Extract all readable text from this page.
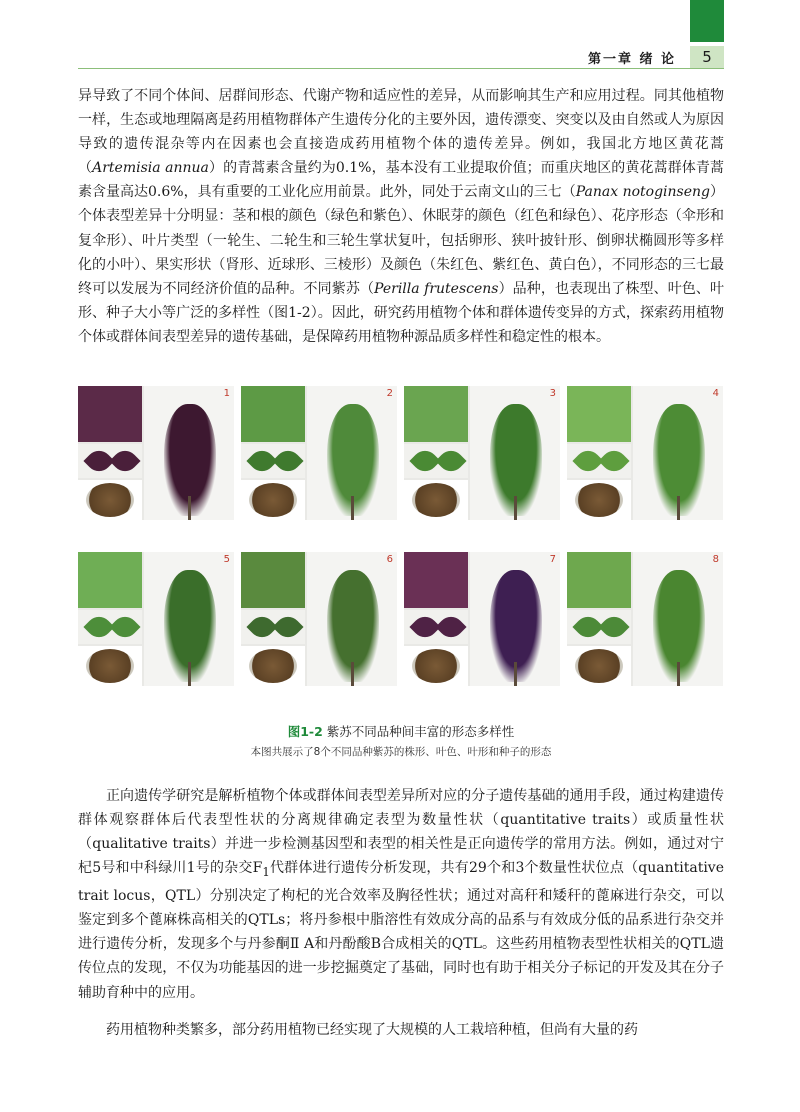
第一章 绪 论	5

异导致了不同个体间、居群间形态、代谢产物和适应性的差异，从而影响其生产和应用过程。同其他植物一样，生态或地理隔离是药用植物群体产生遗传分化的主要外因，遗传漂变、突变以及由自然或人为原因导致的遗传混杂等内在因素也会直接造成药用植物个体的遗传差异。例如，我国北方地区黄花蒿（Artemisia annua）的青蒿素含量约为0.1%，基本没有工业提取价值；而重庆地区的黄花蒿群体青蒿素含量高达0.6%，具有重要的工业化应用前景。此外，同处于云南文山的三七（Panax notoginseng）个体表型差异十分明显：茎和根的颜色（绿色和紫色）、休眠芽的颜色（红色和绿色）、花序形态（伞形和复伞形）、叶片类型（一轮生、二轮生和三轮生掌状复叶，包括卵形、狭叶披针形、倒卵状椭圆形等多样化的小叶）、果实形状（肾形、近球形、三棱形）及颜色（朱红色、紫红色、黄白色），不同形态的三七最终可以发展为不同经济价值的品种。不同紫苏（Perilla frutescens）品种，也表现出了株型、叶色、叶形、种子大小等广泛的多样性（图1-2）。因此，研究药用植物个体和群体遗传变异的方式，探索药用植物个体或群体间表型差异的遗传基础，是保障药用植物种源品质多样性和稳定性的根本。

1	2	3	4
5	6	7	8

图1-2 紫苏不同品种间丰富的形态多样性

本图共展示了8个不同品种紫苏的株形、叶色、叶形和种子的形态

正向遗传学研究是解析植物个体或群体间表型差异所对应的分子遗传基础的通用手段，通过构建遗传群体观察群体后代表型性状的分离规律确定表型为数量性状（quantitative traits）或质量性状（qualitative traits）并进一步检测基因型和表型的相关性是正向遗传学的常用方法。例如，通过对宁杞5号和中科绿川1号的杂交$F_1$代群体进行遗传分析发现，共有29个和3个数量性状位点（quantitative trait locus，QTL）分别决定了枸杞的光合效率及胸径性状；通过对高秆和矮秆的蓖麻进行杂交，可以鉴定到多个蓖麻株高相关的QTLs；将丹参根中脂溶性有效成分高的品系与有效成分低的品系进行杂交并进行遗传分析，发现多个与丹参酮Ⅱ A和丹酚酸B合成相关的QTL。这些药用植物表型性状相关的QTL遗传位点的发现，不仅为功能基因的进一步挖掘奠定了基础，同时也有助于相关分子标记的开发及其在分子辅助育种中的应用。

药用植物种类繁多，部分药用植物已经实现了大规模的人工栽培种植，但尚有大量的药
